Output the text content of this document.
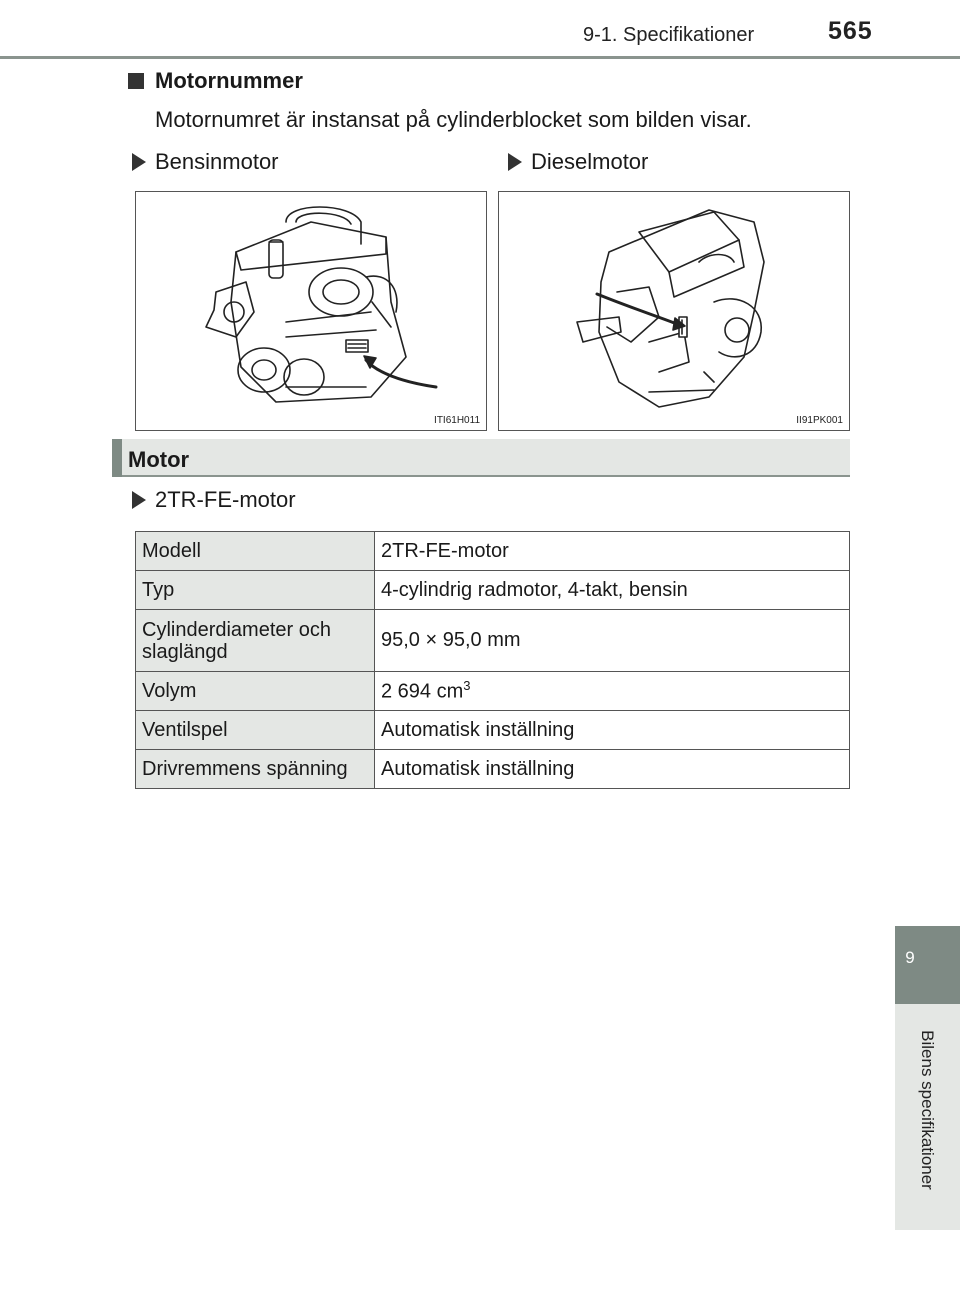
9-1. Specifikationer	565
9
Bilens specifikationer
Motornummer
Motornumret är instansat på cylinderblocket som bilden visar.
Bensinmotor	Dieselmotor
ITI61H011	II91PK001
Motor
2TR-FE-motor
Modell	2TR-FE-motor
Typ	4-cylindrig radmotor, 4-takt, bensin
Cylinderdiameter och slaglängd	95,0 × 95,0 mm
Volym	2 694 $cm^3$
Ventilspel	Automatisk inställning
Drivremmens spänning	Automatisk inställning
